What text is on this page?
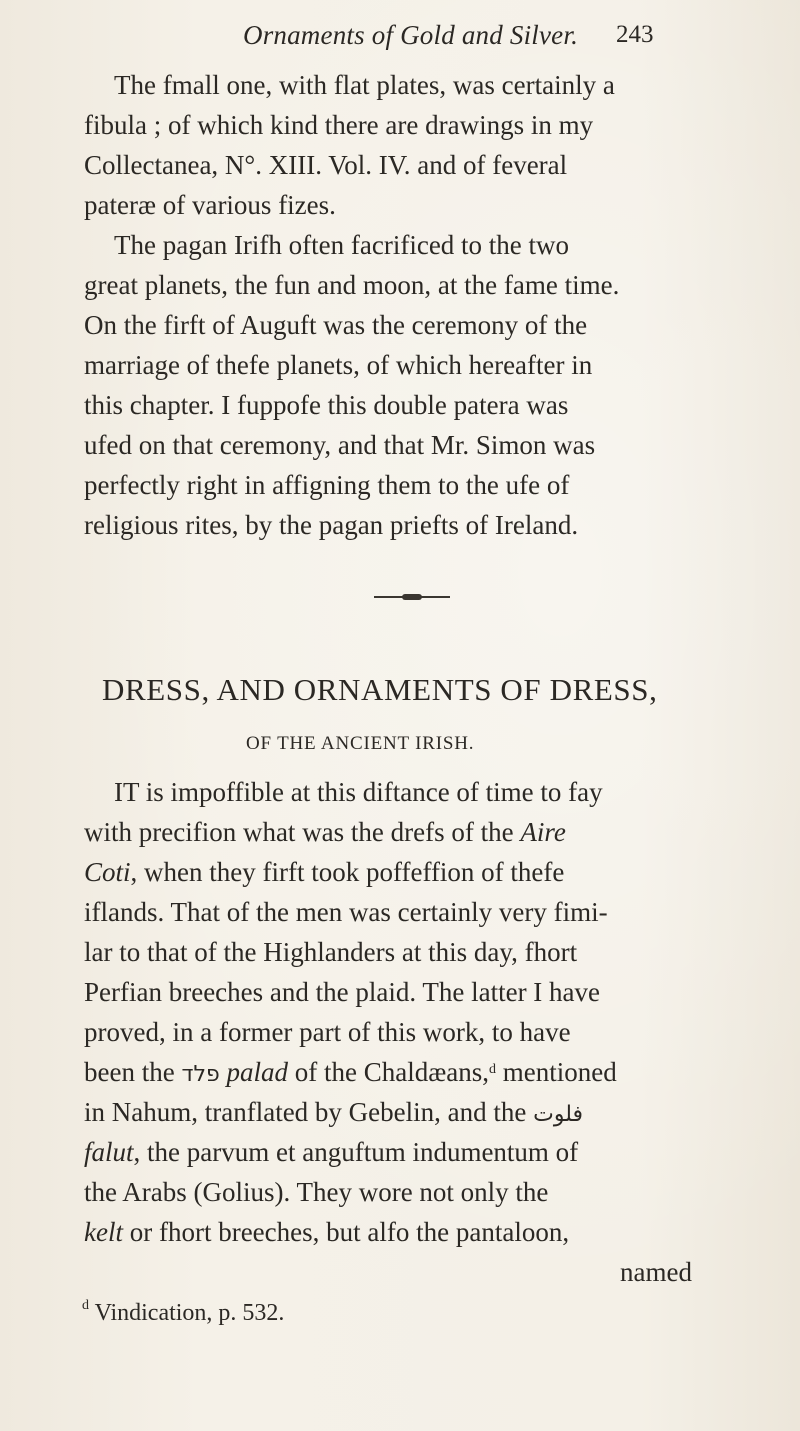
Ornaments of Gold and Silver. 243
The fmall one, with flat plates, was certainly a
fibula ; of which kind there are drawings in my
Collectanea, N°. XIII. Vol. IV. and of feveral
pateræ of various fizes.
The pagan Irifh often facrificed to the two
great planets, the fun and moon, at the fame time.
On the firft of Auguft was the ceremony of the
marriage of thefe planets, of which hereafter in
this chapter. I fuppofe this double patera was
ufed on that ceremony, and that Mr. Simon was
perfectly right in affigning them to the ufe of
religious rites, by the pagan priefts of Ireland.
DRESS, AND ORNAMENTS OF DRESS,
OF THE ANCIENT IRISH.
IT is impoffible at this diftance of time to fay
with precifion what was the drefs of the Aire
Coti, when they firft took poffeffion of thefe
iflands. That of the men was certainly very fimi-
lar to that of the Highlanders at this day, fhort
Perfian breeches and the plaid. The latter I have
proved, in a former part of this work, to have
been the פלד palad of the Chaldæans,$^d$ mentioned
in Nahum, tranflated by Gebelin, and the فلوت
falut, the parvum et anguftum indumentum of
the Arabs (Golius). They wore not only the
kelt or fhort breeches, but alfo the pantaloon,
named
$^d$ Vindication, p. 532.
